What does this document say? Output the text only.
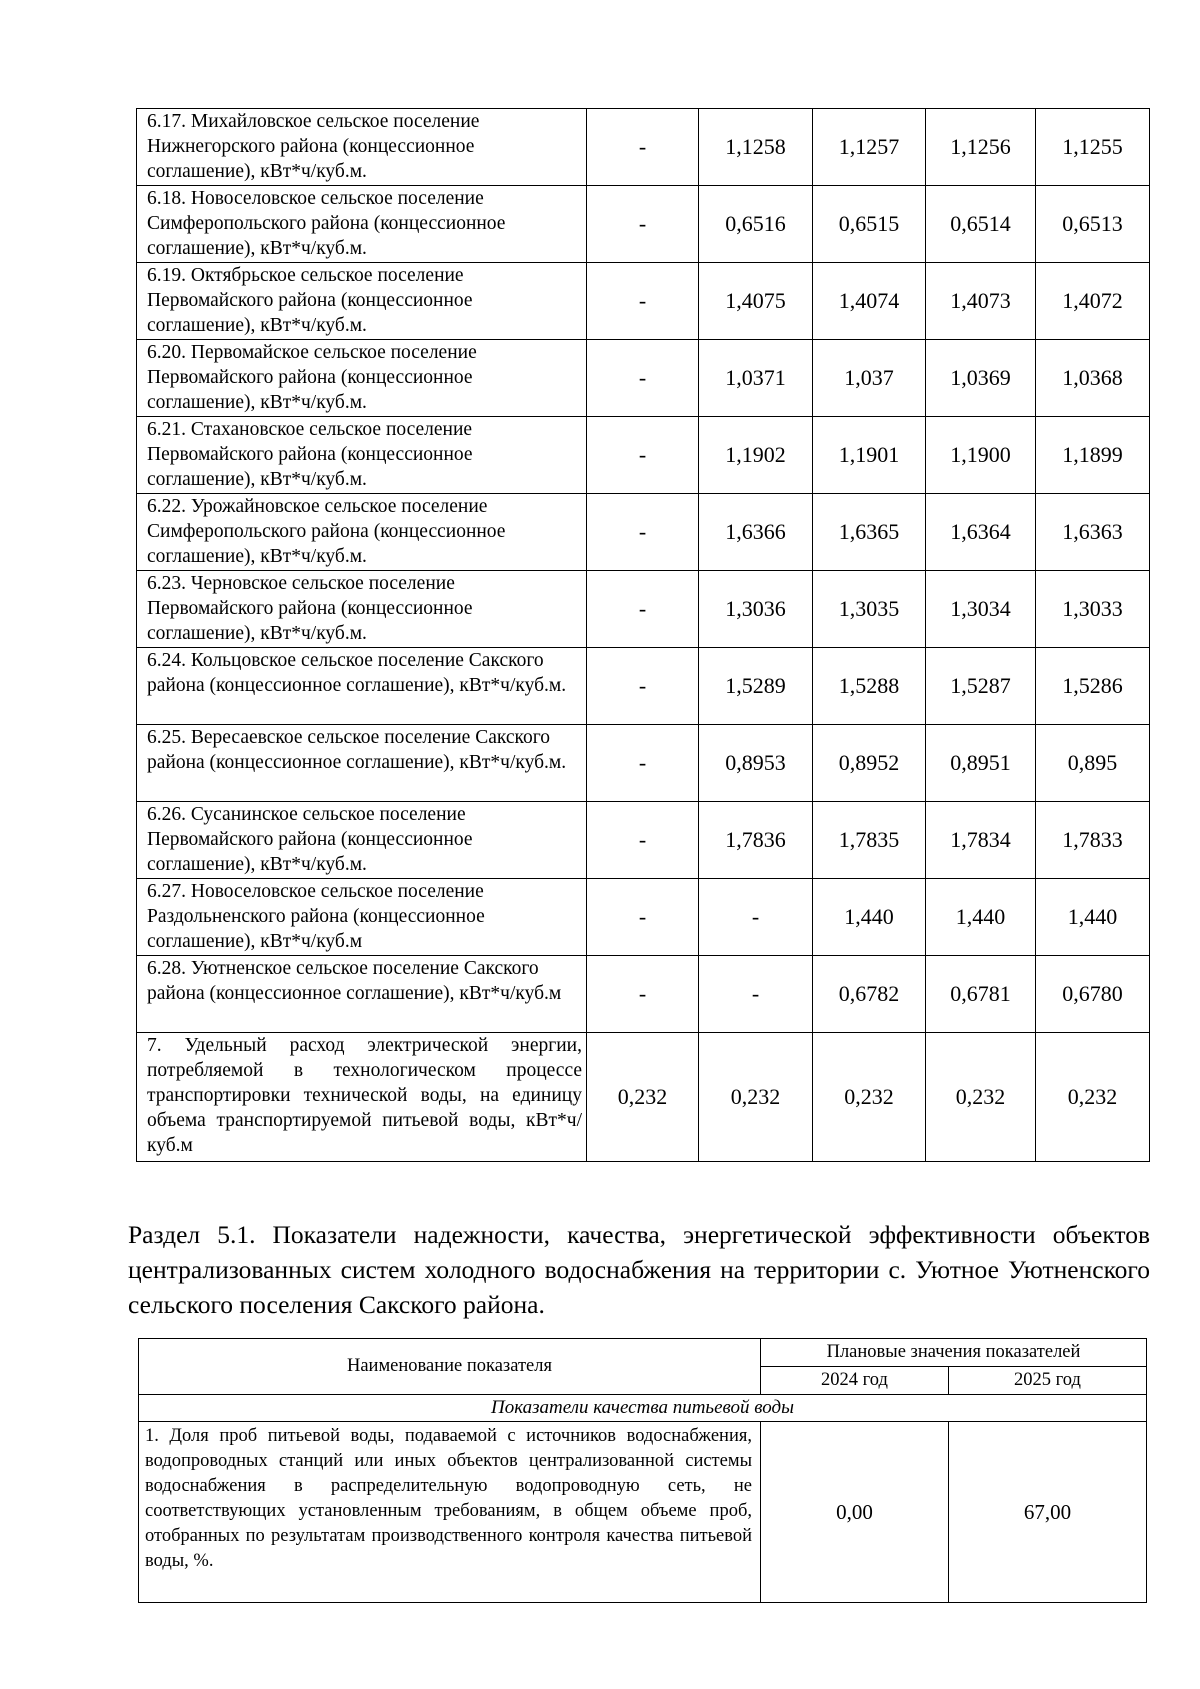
6.17. Михайловское сельское поселение Нижнегорского района (концессионное соглашение), кВт*ч/куб.м.	-	1,1258	1,1257	1,1256	1,1255
6.18. Новоселовское сельское поселение Симферопольского района (концессионное соглашение), кВт*ч/куб.м.	-	0,6516	0,6515	0,6514	0,6513
6.19. Октябрьское сельское поселение Первомайского района (концессионное соглашение), кВт*ч/куб.м.	-	1,4075	1,4074	1,4073	1,4072
6.20. Первомайское сельское поселение Первомайского района (концессионное соглашение), кВт*ч/куб.м.	-	1,0371	1,037	1,0369	1,0368
6.21. Стахановское сельское поселение Первомайского района (концессионное соглашение), кВт*ч/куб.м.	-	1,1902	1,1901	1,1900	1,1899
6.22. Урожайновское сельское поселение Симферопольского района (концессионное соглашение), кВт*ч/куб.м.	-	1,6366	1,6365	1,6364	1,6363
6.23. Черновское сельское поселение Первомайского района (концессионное соглашение), кВт*ч/куб.м.	-	1,3036	1,3035	1,3034	1,3033
6.24. Кольцовское сельское поселение Сакского района (концессионное соглашение), кВт*ч/куб.м.	-	1,5289	1,5288	1,5287	1,5286
6.25. Вересаевское сельское поселение Сакского района (концессионное соглашение), кВт*ч/куб.м.	-	0,8953	0,8952	0,8951	0,895
6.26. Сусанинское сельское поселение Первомайского района (концессионное соглашение), кВт*ч/куб.м.	-	1,7836	1,7835	1,7834	1,7833
6.27. Новоселовское сельское поселение Раздольненского района (концессионное соглашение), кВт*ч/куб.м	-	-	1,440	1,440	1,440
6.28. Уютненское сельское поселение Сакского района (концессионное соглашение), кВт*ч/куб.м	-	-	0,6782	0,6781	0,6780
7. Удельный расход электрической энергии, потребляемой в технологическом процессе транспортировки технической воды, на единицу объема транспортируемой питьевой воды, кВт*ч/куб.м	0,232	0,232	0,232	0,232	0,232

Раздел 5.1. Показатели надежности, качества, энергетической эффективности объектов централизованных систем холодного водоснабжения на территории с. Уютное Уютненского сельского поселения Сакского района.

Наименование показателя	Плановые значения показателей	
	2024 год	2025 год
Показатели качества питьевой воды		
1. Доля проб питьевой воды, подаваемой с источников водоснабжения, водопроводных станций или иных объектов централизованной системы водоснабжения в распределительную водопроводную сеть, не соответствующих установленным требованиям, в общем объеме проб, отобранных по результатам производственного контроля качества питьевой воды, %.	0,00	67,00
